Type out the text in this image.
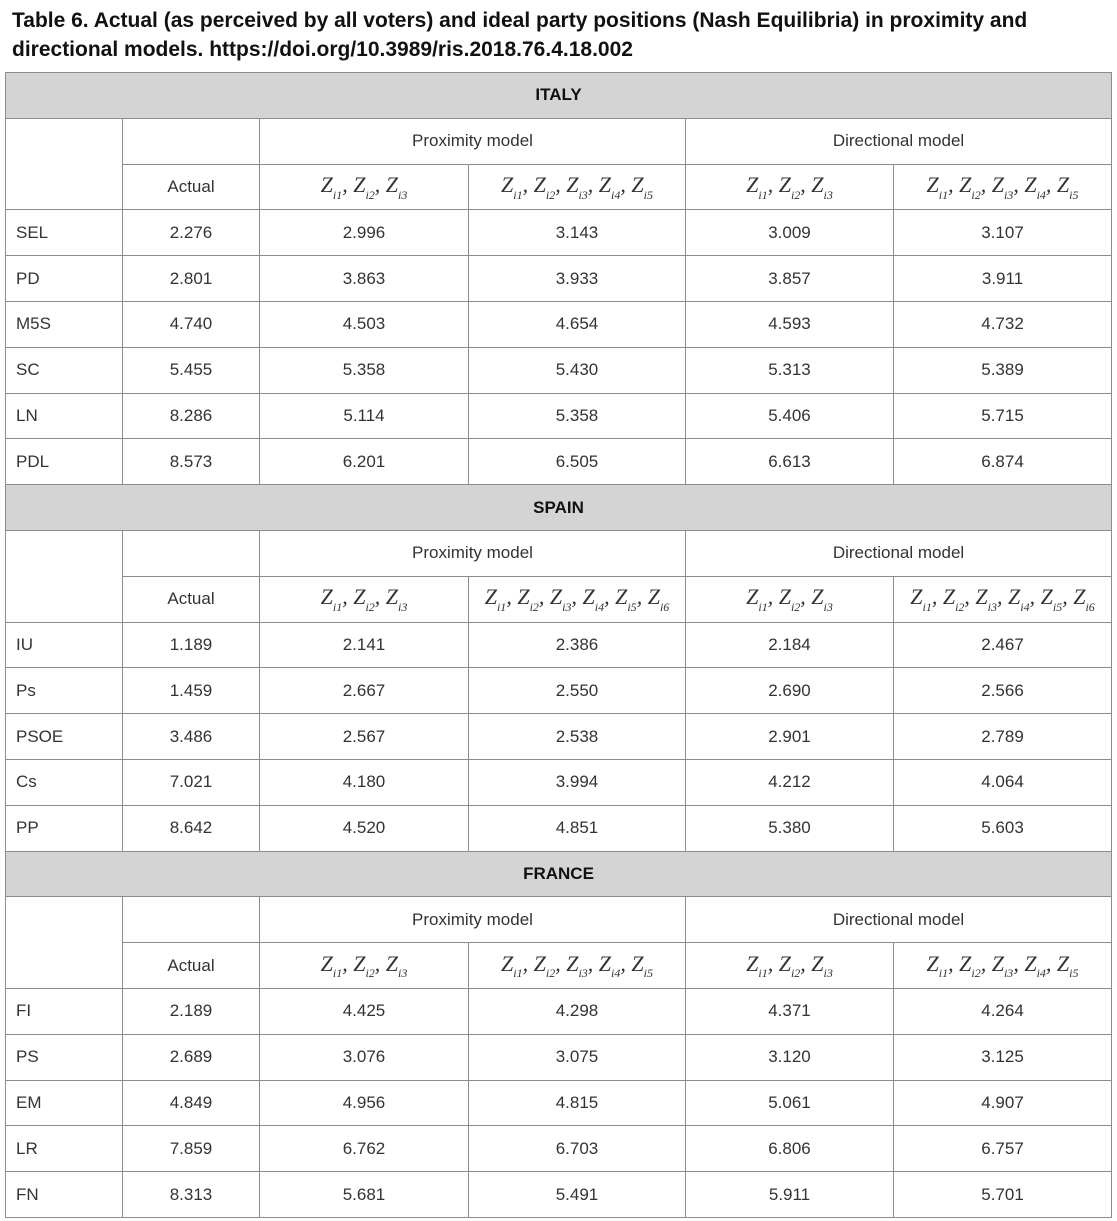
Table 6. Actual (as perceived by all voters) and ideal party positions (Nash Equilibria) in proximity and directional models. https://doi.org/10.3989/ris.2018.76.4.18.002
ITALY					
		Proximity model		Directional model	
	Actual	$Z_{i1}$, $Z_{i2}$, $Z_{i3}$	$Z_{i1}$, $Z_{i2}$, $Z_{i3}$, $Z_{i4}$, $Z_{i5}$	$Z_{i1}$, $Z_{i2}$, $Z_{i3}$	$Z_{i1}$, $Z_{i2}$, $Z_{i3}$, $Z_{i4}$, $Z_{i5}$
SEL	2.276	2.996	3.143	3.009	3.107
PD	2.801	3.863	3.933	3.857	3.911
M5S	4.740	4.503	4.654	4.593	4.732
SC	5.455	5.358	5.430	5.313	5.389
LN	8.286	5.114	5.358	5.406	5.715
PDL	8.573	6.201	6.505	6.613	6.874
SPAIN					
		Proximity model		Directional model	
	Actual	$Z_{i1}$, $Z_{i2}$, $Z_{i3}$	$Z_{i1}$, $Z_{i2}$, $Z_{i3}$, $Z_{i4}$, $Z_{i5}$, $Z_{i6}$	$Z_{i1}$, $Z_{i2}$, $Z_{i3}$	$Z_{i1}$, $Z_{i2}$, $Z_{i3}$, $Z_{i4}$, $Z_{i5}$, $Z_{i6}$
IU	1.189	2.141	2.386	2.184	2.467
Ps	1.459	2.667	2.550	2.690	2.566
PSOE	3.486	2.567	2.538	2.901	2.789
Cs	7.021	4.180	3.994	4.212	4.064
PP	8.642	4.520	4.851	5.380	5.603
FRANCE					
		Proximity model		Directional model	
	Actual	$Z_{i1}$, $Z_{i2}$, $Z_{i3}$	$Z_{i1}$, $Z_{i2}$, $Z_{i3}$, $Z_{i4}$, $Z_{i5}$	$Z_{i1}$, $Z_{i2}$, $Z_{i3}$	$Z_{i1}$, $Z_{i2}$, $Z_{i3}$, $Z_{i4}$, $Z_{i5}$
FI	2.189	4.425	4.298	4.371	4.264
PS	2.689	3.076	3.075	3.120	3.125
EM	4.849	4.956	4.815	5.061	4.907
LR	7.859	6.762	6.703	6.806	6.757
FN	8.313	5.681	5.491	5.911	5.701
